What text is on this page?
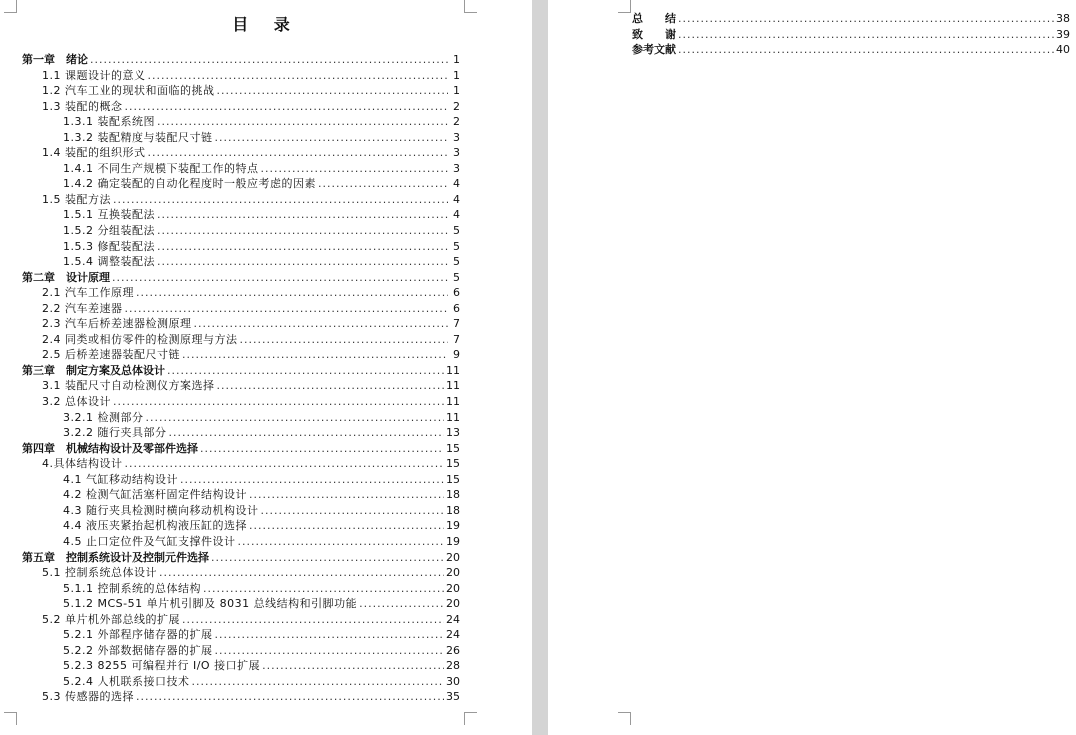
目 录
第一章　绪论 .....	1
1.1 课题设计的意义 .....	1
1.2 汽车工业的现状和面临的挑战 .....	1
1.3 装配的概念 .....	2
1.3.1 装配系统图 .....	2
1.3.2 装配精度与装配尺寸链 .....	3
1.4 装配的组织形式 .....	3
1.4.1 不同生产规模下装配工作的特点 .....	3
1.4.2 确定装配的自动化程度时一般应考虑的因素 .....	4
1.5 装配方法 .....	4
1.5.1 互换装配法 .....	4
1.5.2 分组装配法 .....	5
1.5.3 修配装配法 .....	5
1.5.4 调整装配法 .....	5
第二章　设计原理 .....	5
2.1 汽车工作原理 .....	6
2.2 汽车差速器 .....	6
2.3 汽车后桥差速器检测原理 .....	7
2.4 同类或相仿零件的检测原理与方法 .....	7
2.5 后桥差速器装配尺寸链 .....	9
第三章　制定方案及总体设计 .....	11
3.1 装配尺寸自动检测仪方案选择 .....	11
3.2 总体设计 .....	11
3.2.1 检测部分 .....	11
3.2.2 随行夹具部分 .....	13
第四章　机械结构设计及零部件选择 .....	15
4.具体结构设计 .....	15
4.1 气缸移动结构设计 .....	15
4.2 检测气缸活塞杆固定件结构设计 .....	18
4.3 随行夹具检测时横向移动机构设计 .....	18
4.4 液压夹紧抬起机构液压缸的选择 .....	19
4.5 止口定位件及气缸支撑件设计 .....	19
第五章　控制系统设计及控制元件选择 .....	20
5.1 控制系统总体设计 .....	20
5.1.1 控制系统的总体结构 .....	20
5.1.2 MCS-51 单片机引脚及 8031 总线结构和引脚功能 .....	20
5.2 单片机外部总线的扩展 .....	24
5.2.1 外部程序储存器的扩展 .....	24
5.2.2 外部数据储存器的扩展 .....	26
5.2.3 8255 可编程并行 I/O 接口扩展 .....	28
5.2.4 人机联系接口技术 .....	30
5.3 传感器的选择 .....	35
总　　结 .....	38
致　　谢 .....	39
参考文献 .....	40
